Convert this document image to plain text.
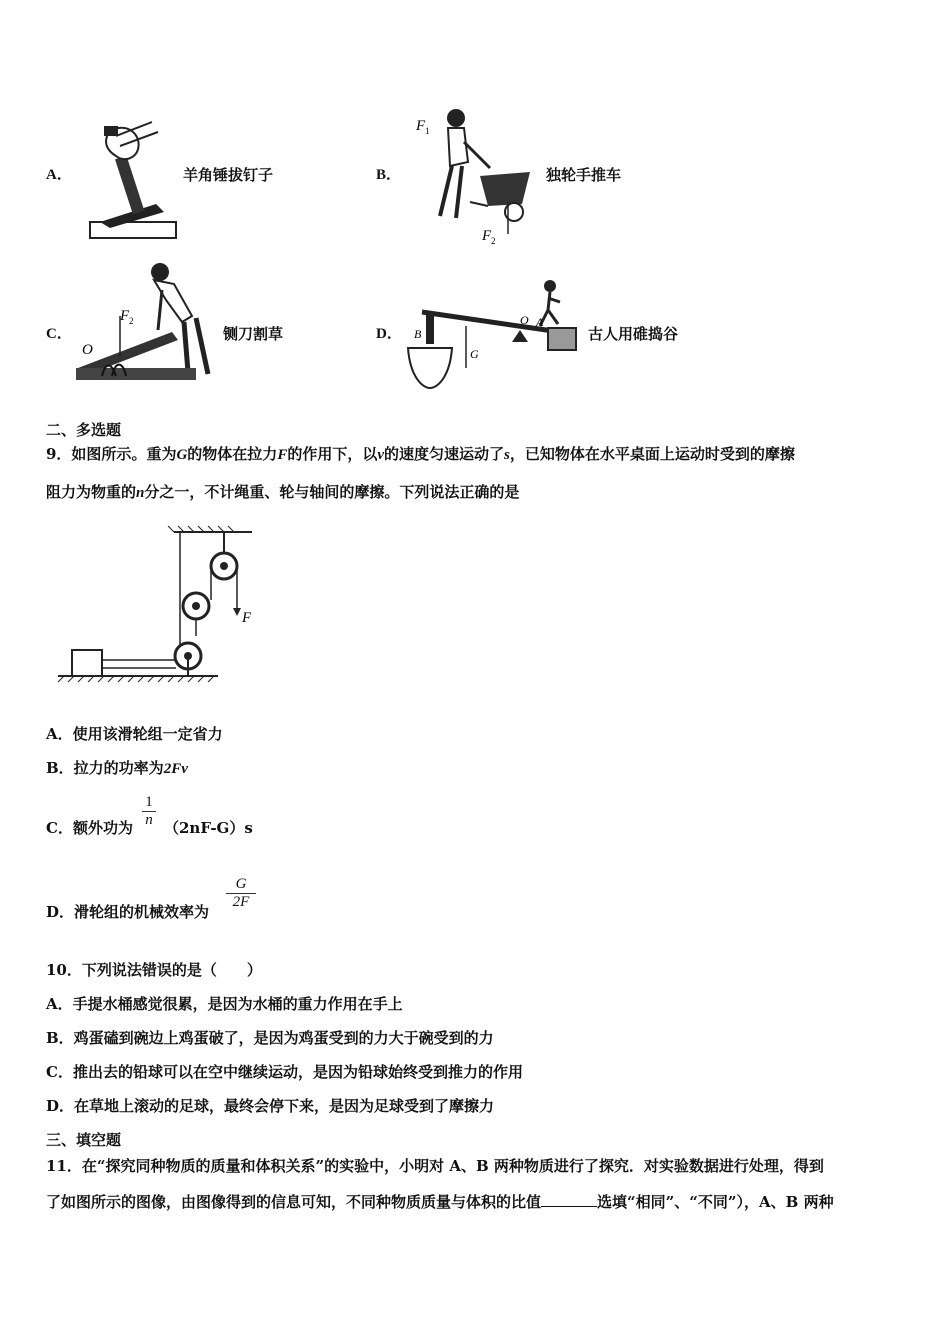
A．	羊角锤拔钉子	B．
F 1
F 2
独轮手推车
C．
F 2
O
铡刀割草	D． B
O A
G
古人用碓捣谷
二、多选题
9．如图所示。重为G的物体在拉力F的作用下，以v的速度匀速运动了s，已知物体在水平桌面上运动时受到的摩擦
阻力为物重的n分之一，不计绳重、轮与轴间的摩擦。下列说法正确的是
F
A．使用该滑轮组一定省力
B．拉力的功率为2Fv
C．额外功为 $\frac{1}{n} (2nF-G)s$
D．滑轮组的机械效率为
$\frac{G}{2F}$
10．下列说法错误的是（　　）
A．手提水桶感觉很累，是因为水桶的重力作用在手上
B．鸡蛋磕到碗边上鸡蛋破了，是因为鸡蛋受到的力大于碗受到的力
C．推出去的铅球可以在空中继续运动，是因为铅球始终受到推力的作用
D．在草地上滚动的足球，最终会停下来，是因为足球受到了摩擦力
三、填空题
11．在“探究同种物质的质量和体积关系”的实验中，小明对 A、B 两种物质进行了探究．对实验数据进行处理，得到
了如图所示的图像，由图像得到的信息可知，不同种物质质量与体积的比值	选填“相同”、“不同”），A、B 两种
